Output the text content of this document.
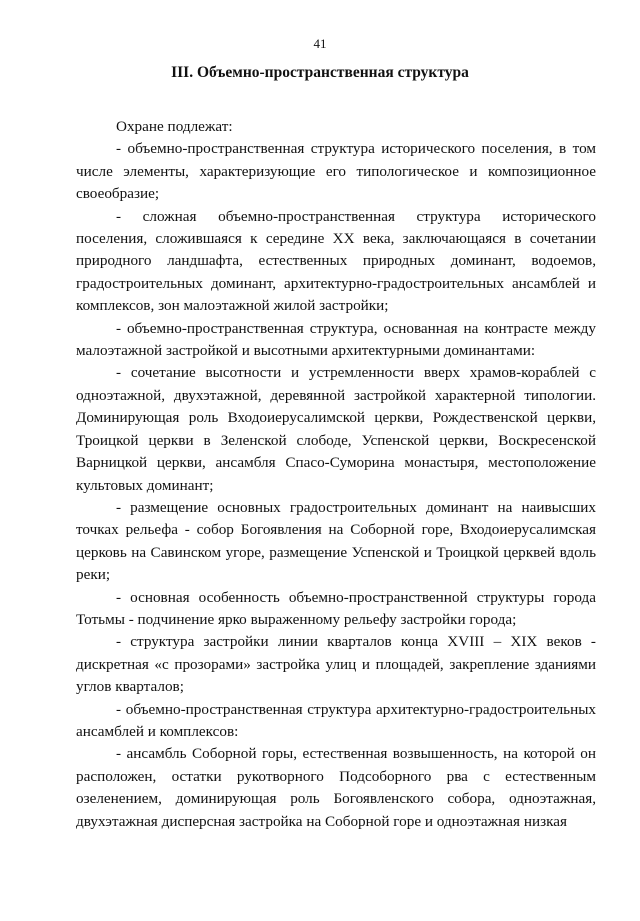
41
III. Объемно-пространственная структура

Охране подлежат:

- объемно-пространственная структура исторического поселения, в том числе элементы, характеризующие его типологическое и композиционное своеобразие;

- сложная объемно-пространственная структура исторического поселения, сложившаяся к середине XX века, заключающаяся в сочетании природного ландшафта, естественных природных доминант, водоемов, градостроительных доминант, архитектурно-градостроительных ансамблей и комплексов, зон малоэтажной жилой застройки;

- объемно-пространственная структура, основанная на контрасте между малоэтажной застройкой и высотными архитектурными доминантами:

- сочетание высотности и устремленности вверх храмов-кораблей с одноэтажной, двухэтажной, деревянной застройкой характерной типологии. Доминирующая роль Входоиерусалимской церкви, Рождественской церкви, Троицкой церкви в Зеленской слободе, Успенской церкви, Воскресенской Варницкой церкви, ансамбля Спасо-Суморина монастыря, местоположение культовых доминант;

- размещение основных градостроительных доминант на наивысших точках рельефа - собор Богоявления на Соборной горе, Входоиерусалимская церковь на Савинском угоре, размещение Успенской и Троицкой церквей вдоль реки;

- основная особенность объемно-пространственной структуры города Тотьмы - подчинение ярко выраженному рельефу застройки города;

- структура застройки линии кварталов конца XVIII – XIX веков - дискретная «с прозорами» застройка улиц и площадей, закрепление зданиями углов кварталов;

- объемно-пространственная структура архитектурно-градостроительных ансамблей и комплексов:

- ансамбль Соборной горы, естественная возвышенность, на которой он расположен, остатки рукотворного Подсоборного рва с естественным озеленением, доминирующая роль Богоявленского собора, одноэтажная, двухэтажная дисперсная застройка на Соборной горе и одноэтажная низкая
